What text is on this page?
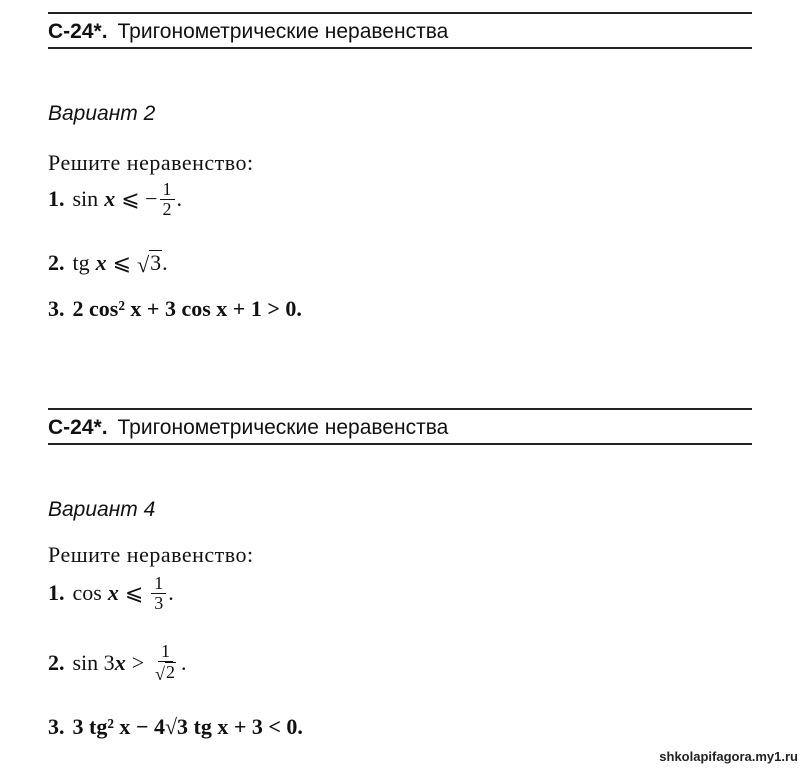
С-24*. Тригонометрические неравенства
Вариант 2
Решите неравенство:
1. sin x ⩽ − $\frac{1}{2}$ .
2. tg x ⩽ √ 3 .
3. 2 cos² x + 3 cos x + 1 > 0.
С-24*. Тригонометрические неравенства
Вариант 4
Решите неравенство:
1. cos x ⩽ $\frac{1}{3}$ .
2. sin 3 $x > \frac{1}{√ 2}$ .
3. 3 tg² x − 4√3 tg x + 3 < 0.
shkolapifagora.my1.ru
